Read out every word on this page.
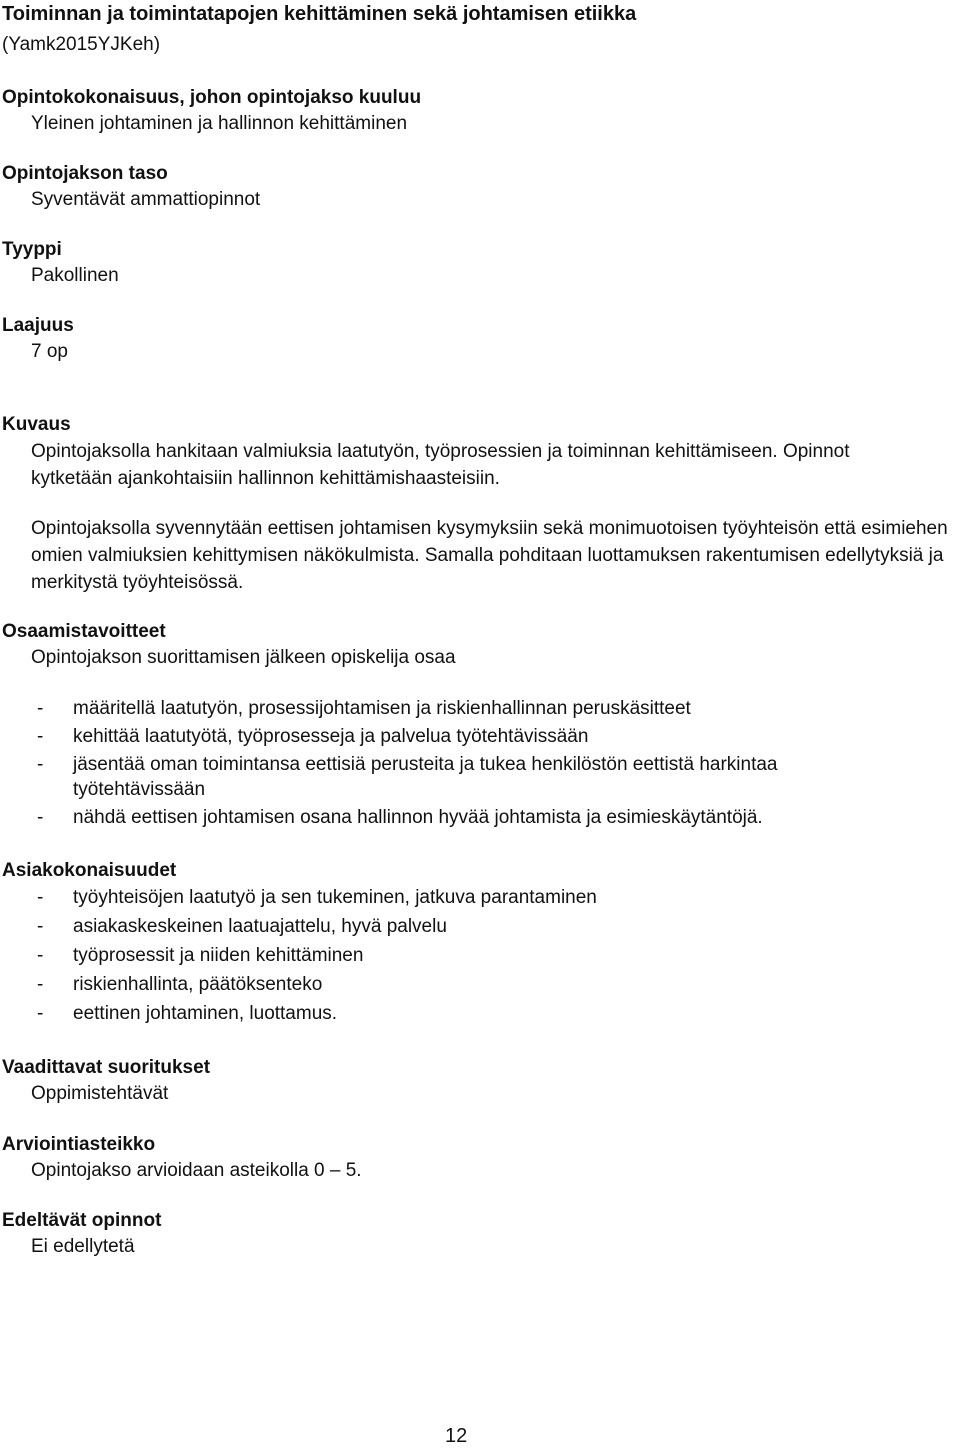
Toiminnan ja toimintatapojen kehittäminen sekä johtamisen etiikka
(Yamk2015YJKeh)
Opintokokonaisuus, johon opintojakso kuuluu
Yleinen johtaminen ja hallinnon kehittäminen
Opintojakson taso
Syventävät ammattiopinnot
Tyyppi
Pakollinen
Laajuus
7 op
Kuvaus
Opintojaksolla hankitaan valmiuksia laatutyön, työprosessien ja toiminnan kehittämiseen. Opinnot kytketään ajankohtaisiin hallinnon kehittämishaasteisiin.
Opintojaksolla syvennytään eettisen johtamisen kysymyksiin sekä monimuotoisen työyhteisön että esimiehen omien valmiuksien kehittymisen näkökulmista. Samalla pohditaan luottamuksen rakentumisen edellytyksiä ja merkitystä työyhteisössä.
Osaamistavoitteet
Opintojakson suorittamisen jälkeen opiskelija osaa
- määritellä laatutyön, prosessijohtamisen ja riskienhallinnan peruskäsitteet
- kehittää laatutyötä, työprosesseja ja palvelua työtehtävissään
- jäsentää oman toimintansa eettisiä perusteita ja tukea henkilöstön eettistä harkintaa työtehtävissään
- nähdä eettisen johtamisen osana hallinnon hyvää johtamista ja esimieskäytäntöjä.
Asiakokonaisuudet
- työyhteisöjen laatutyö ja sen tukeminen, jatkuva parantaminen
- asiakaskeskeinen laatuajattelu, hyvä palvelu
- työprosessit ja niiden kehittäminen
- riskienhallinta, päätöksenteko
- eettinen johtaminen, luottamus.
Vaadittavat suoritukset
Oppimistehtävät
Arviointiasteikko
Opintojakso arvioidaan asteikolla 0 – 5.
Edeltävät opinnot
Ei edellytetä
12
